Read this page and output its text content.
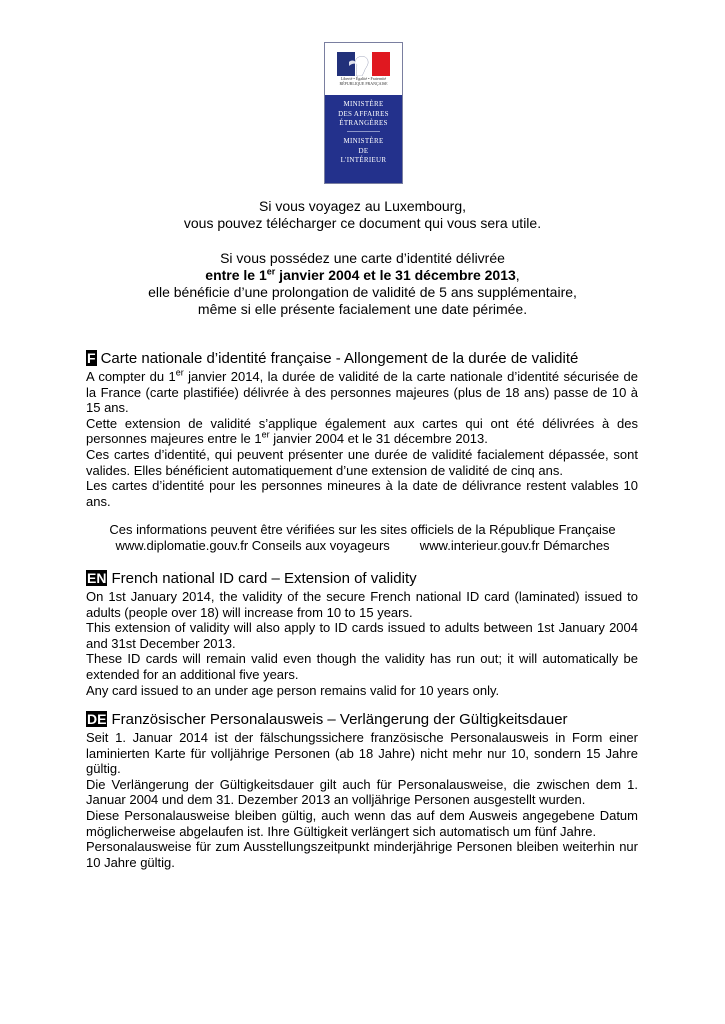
Liberté • Égalité • Fraternité
RÉPUBLIQUE FRANÇAISE
MINISTÈRE
DES AFFAIRES
ÉTRANGÈRES
MINISTÈRE
DE
L'INTÉRIEUR
Si vous voyagez au Luxembourg,
vous pouvez télécharger ce document qui vous sera utile.
Si vous possédez une carte d’identité délivrée
entre le 1er janvier 2004 et le 31 décembre 2013,
elle bénéficie d’une prolongation de validité de 5 ans supplémentaire,
même si elle présente facialement une date périmée.
F Carte nationale d’identité française - Allongement de la durée de validité

A compter du 1er janvier 2014, la durée de validité de la carte nationale d’identité sécurisée de la France (carte plastifiée) délivrée à des personnes majeures (plus de 18 ans) passe de 10 à 15 ans.

Cette extension de validité s’applique également aux cartes qui ont été délivrées à des personnes majeures entre le 1er janvier 2004 et le 31 décembre 2013.

Ces cartes d’identité, qui peuvent présenter une durée de validité facialement dépassée, sont valides. Elles bénéficient automatiquement d’une extension de validité de cinq ans.

Les cartes d’identité pour les personnes mineures à la date de délivrance restent valables 10 ans.

Ces informations peuvent être vérifiées sur les sites officiels de la République Française
www.diplomatie.gouv.fr Conseils aux voyageurs www.interieur.gouv.fr Démarches
EN French national ID card – Extension of validity

On 1st January 2014, the validity of the secure French national ID card (laminated) issued to adults (people over 18) will increase from 10 to 15 years.

This extension of validity will also apply to ID cards issued to adults between 1st January 2004 and 31st December 2013.

These ID cards will remain valid even though the validity has run out; it will automatically be extended for an additional five years.

Any card issued to an under age person remains valid for 10 years only.

DE Französischer Personalausweis – Verlängerung der Gültigkeitsdauer

Seit 1. Januar 2014 ist der fälschungssichere französische Personalausweis in Form einer laminierten Karte für volljährige Personen (ab 18 Jahre) nicht mehr nur 10, sondern 15 Jahre gültig.

Die Verlängerung der Gültigkeitsdauer gilt auch für Personalausweise, die zwischen dem 1. Januar 2004 und dem 31. Dezember 2013 an volljährige Personen ausgestellt wurden.

Diese Personalausweise bleiben gültig, auch wenn das auf dem Ausweis angegebene Datum möglicherweise abgelaufen ist. Ihre Gültigkeit verlängert sich automatisch um fünf Jahre.

Personalausweise für zum Ausstellungszeitpunkt minderjährige Personen bleiben weiterhin nur 10 Jahre gültig.
